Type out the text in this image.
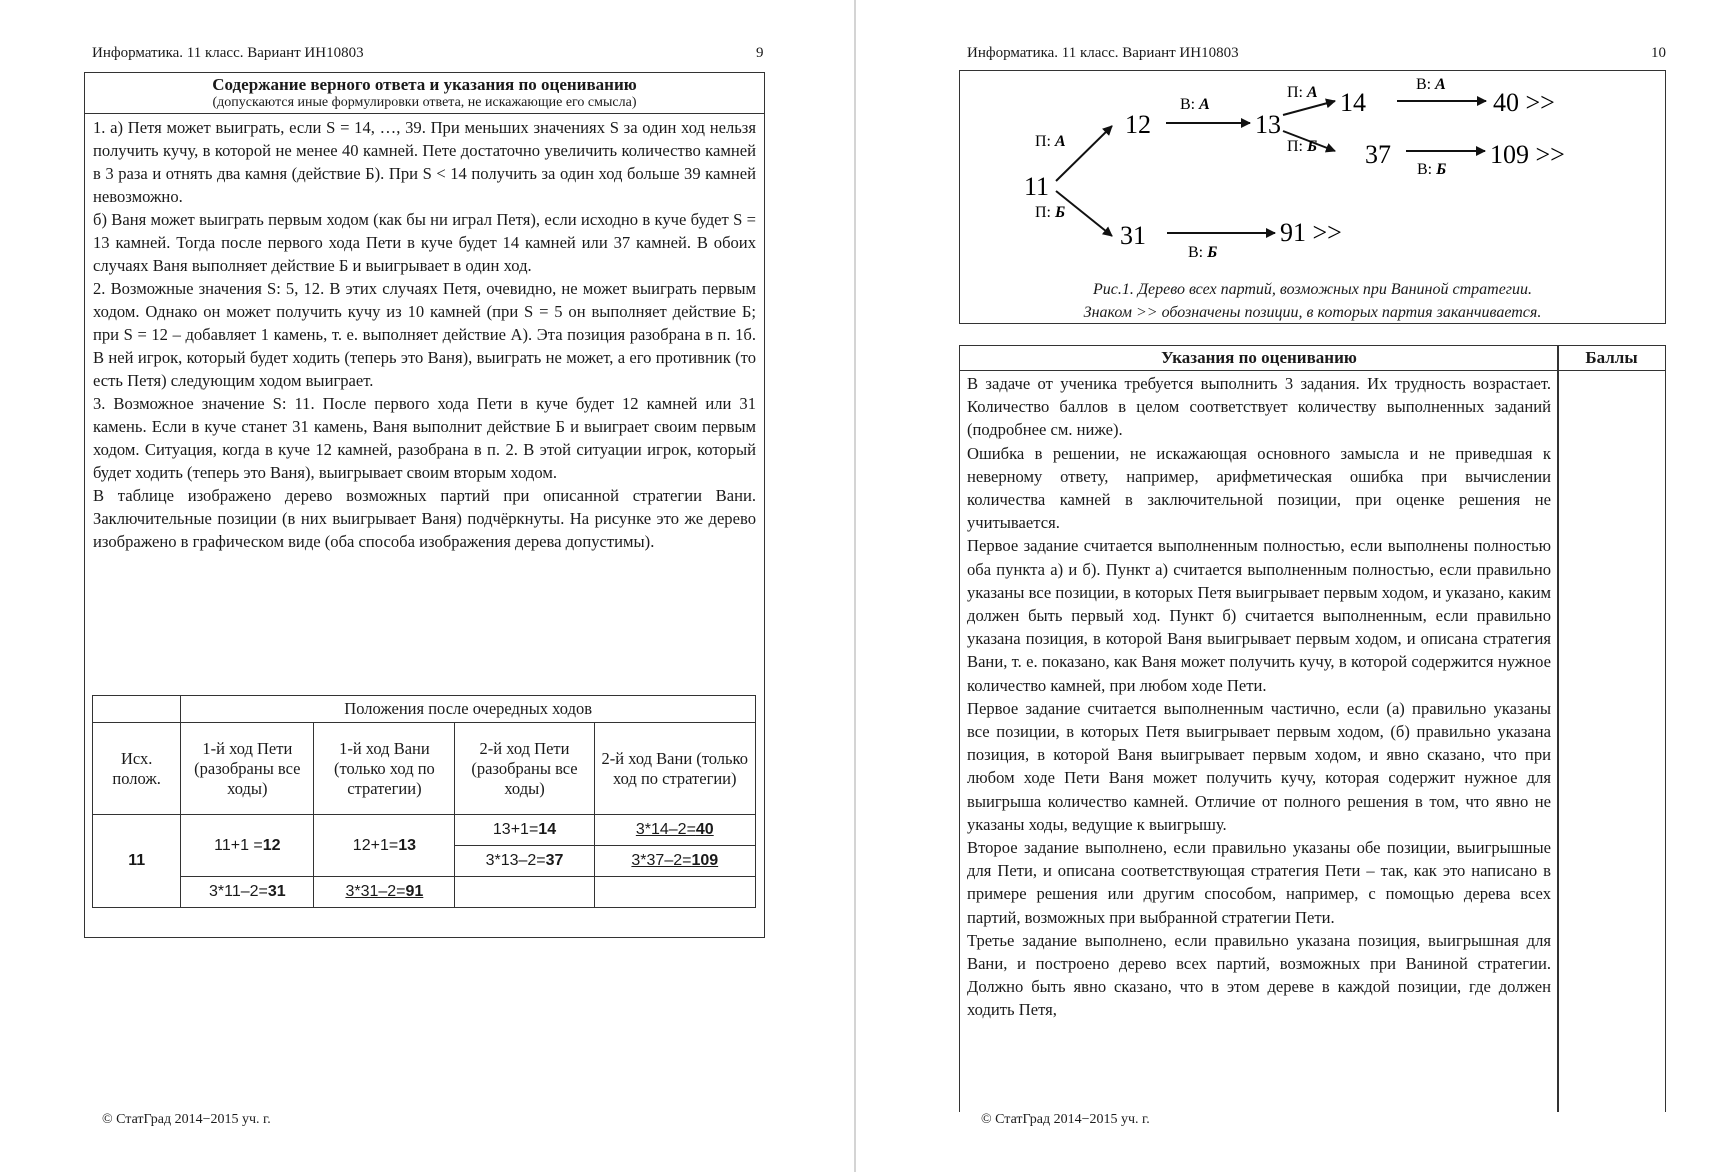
Информатика. 11 класс. Вариант ИН10803	9
Содержание верного ответа и указания по оцениванию
(допускаются иные формулировки ответа, не искажающие его смысла)

1. а) Петя может выиграть, если S = 14, …, 39. При меньших значениях S за один ход нельзя получить кучу, в которой не менее 40 камней. Пете достаточно увеличить количество камней в 3 раза и отнять два камня (действие Б). При S < 14 получить за один ход больше 39 камней невозможно.

б) Ваня может выиграть первым ходом (как бы ни играл Петя), если исходно в куче будет S = 13 камней. Тогда после первого хода Пети в куче будет 14 камней или 37 камней. В обоих случаях Ваня выполняет действие Б и выигрывает в один ход.

2. Возможные значения S: 5, 12. В этих случаях Петя, очевидно, не может выиграть первым ходом. Однако он может получить кучу из 10 камней (при S = 5 он выполняет действие Б; при S = 12 – добавляет 1 камень, т. е. выполняет действие А). Эта позиция разобрана в п. 1б. В ней игрок, который будет ходить (теперь это Ваня), выиграть не может, а его противник (то есть Петя) следующим ходом выиграет.

3. Возможное значение S: 11. После первого хода Пети в куче будет 12 камней или 31 камень. Если в куче станет 31 камень, Ваня выполнит действие Б и выиграет своим первым ходом. Ситуация, когда в куче 12 камней, разобрана в п. 2. В этой ситуации игрок, который будет ходить (теперь это Ваня), выигрывает своим вторым ходом.

В таблице изображено дерево возможных партий при описанной стратегии Вани. Заключительные позиции (в них выигрывает Ваня) подчёркнуты. На рисунке это же дерево изображено в графическом виде (оба способа изображения дерева допустимы).

	Положения после очередных ходов			
Исх. полож.	1-й ход Пети (разобраны все ходы)	1-й ход Вани (только ход по стратегии)	2-й ход Пети (разобраны все ходы)	2-й ход Вани (только ход по стратегии)
11	11+1 =12	12+1=13	13+1=14	3*14–2=40
			3*13–2=37	3*37–2=109
	3*11–2=31	3*31–2=91		
© СтатГрад 2014−2015 уч. г.
Информатика. 11 класс. Вариант ИН10803	10
11
12	13
14	40 >>
37	109 >>
31	91 >>
П: А
П: Б
В: А
П: А
П: Б
В: А
В: Б
В: Б
Рис.1. Дерево всех партий, возможных при Ваниной стратегии.
Знаком >> обозначены позиции, в которых партия заканчивается.
Указания по оцениванию	Баллы

В задаче от ученика требуется выполнить 3 задания. Их трудность возрастает. Количество баллов в целом соответствует количеству выполненных заданий (подробнее см. ниже).

Ошибка в решении, не искажающая основного замысла и не приведшая к неверному ответу, например, арифметическая ошибка при вычислении количества камней в заключительной позиции, при оценке решения не учитывается.

Первое задание считается выполненным полностью, если выполнены полностью оба пункта а) и б). Пункт а) считается выполненным полностью, если правильно указаны все позиции, в которых Петя выигрывает первым ходом, и указано, каким должен быть первый ход. Пункт б) считается выполненным, если правильно указана позиция, в которой Ваня выигрывает первым ходом, и описана стратегия Вани, т. е. показано, как Ваня может получить кучу, в которой содержится нужное количество камней, при любом ходе Пети.

Первое задание считается выполненным частично, если (а) правильно указаны все позиции, в которых Петя выигрывает первым ходом, (б) правильно указана позиция, в которой Ваня выигрывает первым ходом, и явно сказано, что при любом ходе Пети Ваня может получить кучу, которая содержит нужное для выигрыша количество камней. Отличие от полного решения в том, что явно не указаны ходы, ведущие к выигрышу.

Второе задание выполнено, если правильно указаны обе позиции, выигрышные для Пети, и описана соответствующая стратегия Пети – так, как это написано в примере решения или другим способом, например, с помощью дерева всех партий, возможных при выбранной стратегии Пети.

Третье задание выполнено, если правильно указана позиция, выигрышная для Вани, и построено дерево всех партий, возможных при Ваниной стратегии. Должно быть явно сказано, что в этом дереве в каждой позиции, где должен ходить Петя,

© СтатГрад 2014−2015 уч. г.
